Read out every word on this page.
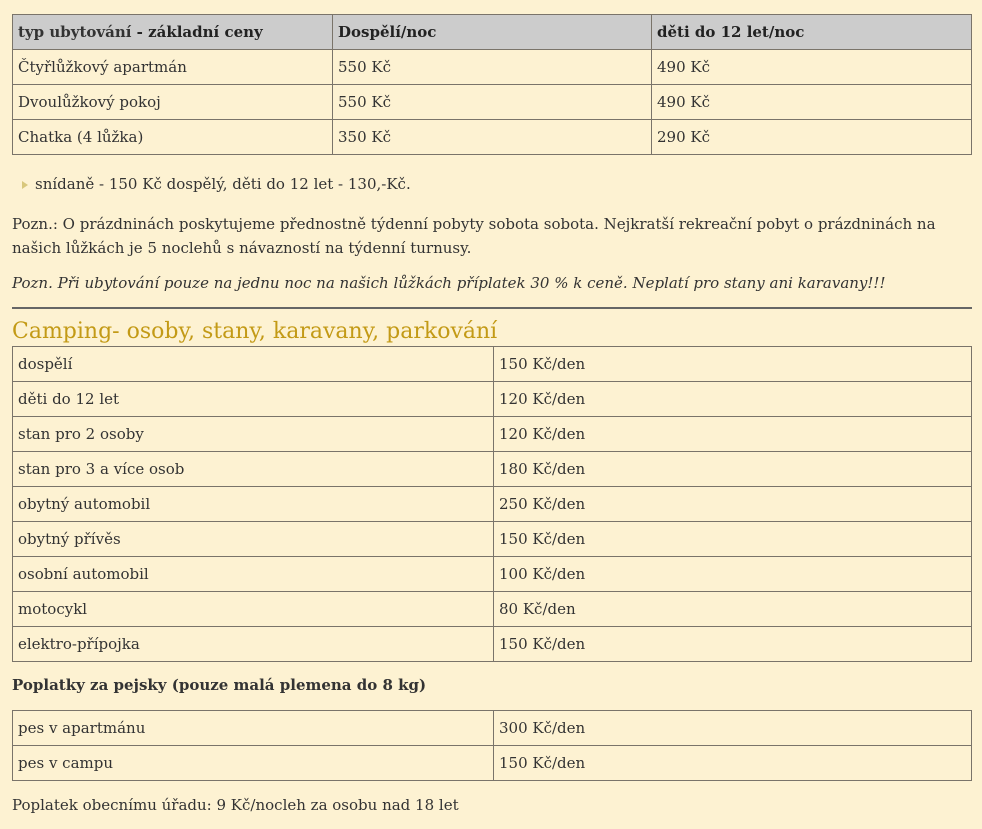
typ ubytování - základní ceny	Dospělí/noc	děti do 12 let/noc
Čtyřlůžkový apartmán	550 Kč	490 Kč
Dvoulůžkový pokoj	550 Kč	490 Kč
Chatka (4 lůžka)	350 Kč	290 Kč
snídaně - 150 Kč dospělý, děti do 12 let - 130,-Kč.
Pozn.: O prázdninách poskytujeme přednostně týdenní pobyty sobota sobota. Nejkratší rekreační pobyt o prázdninách na našich lůžkách je 5 noclehů s návazností na týdenní turnusy.
Pozn. Při ubytování pouze na jednu noc na našich lůžkách příplatek 30 % k ceně. Neplatí pro stany ani karavany!!!
Camping- osoby, stany, karavany, parkování
dospělí	150 Kč/den
děti do 12 let	120 Kč/den
stan pro 2 osoby	120 Kč/den
stan pro 3 a více osob	180 Kč/den
obytný automobil	250 Kč/den
obytný přívěs	150 Kč/den
osobní automobil	100 Kč/den
motocykl	80 Kč/den
elektro-přípojka	150 Kč/den
Poplatky za pejsky (pouze malá plemena do 8 kg)
pes v apartmánu	300 Kč/den
pes v campu	150 Kč/den
Poplatek obecnímu úřadu: 9 Kč/nocleh za osobu nad 18 let
